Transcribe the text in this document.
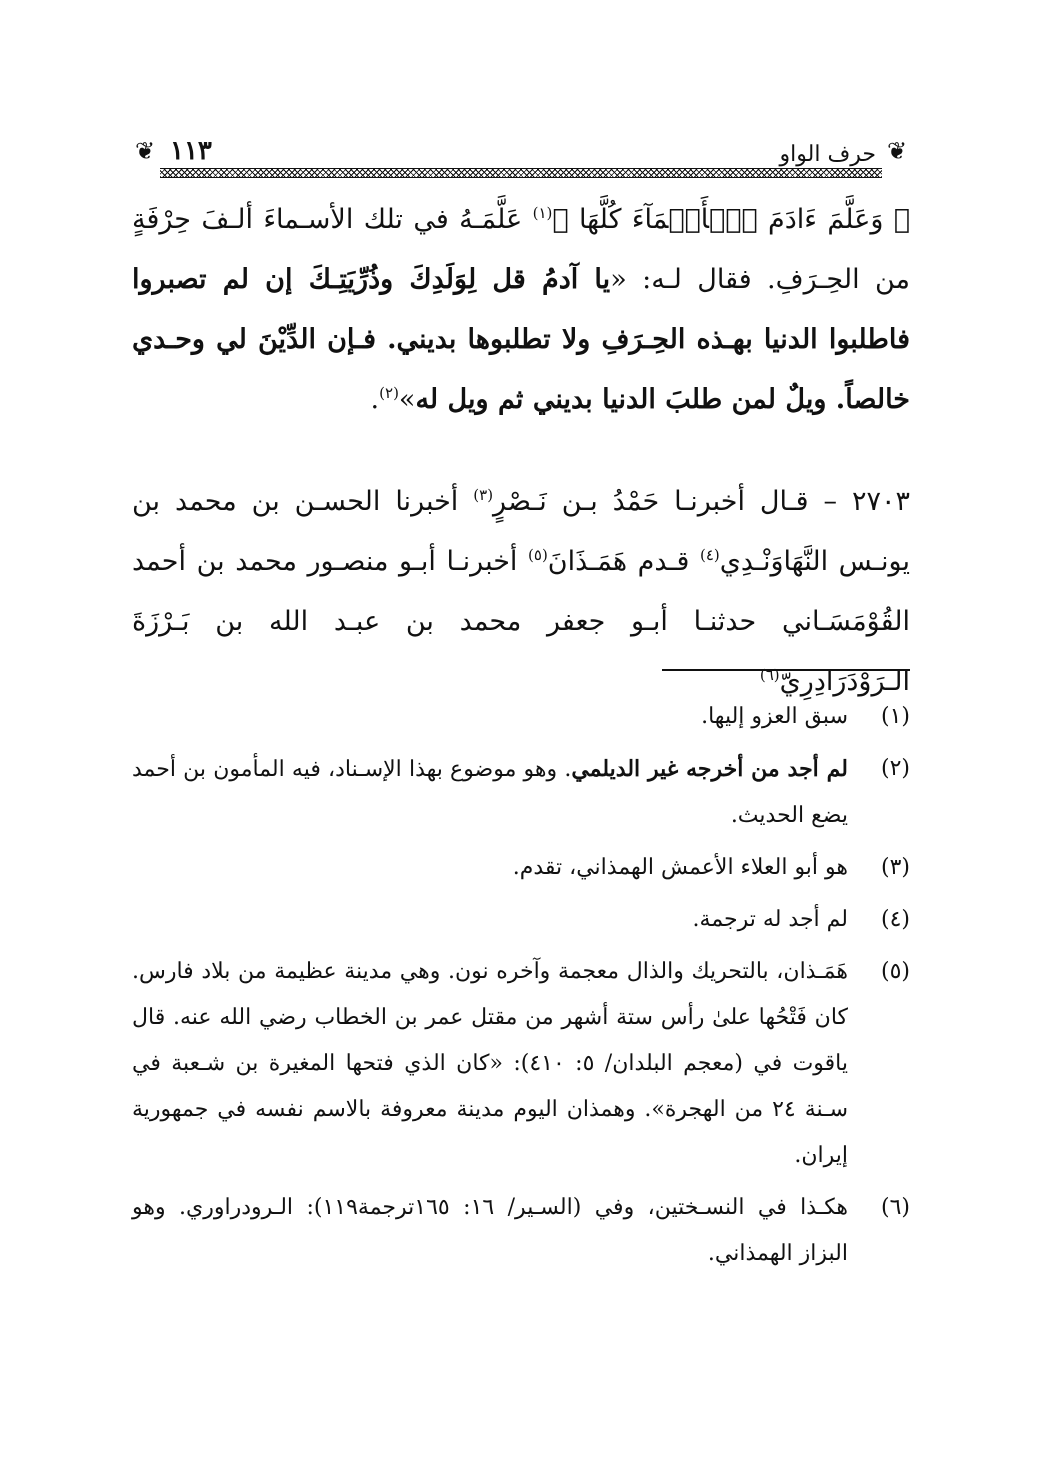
❦
حرف الواو
١١٣
❦

﴿ وَعَلَّمَ ءَادَمَ ٱلۡأَسۡمَآءَ كُلَّهَا ﴾$^{(١)}$ عَلَّمَـهُ في تلك الأسـماءَ ألـفَ حِرْفَةٍ من الحِـرَفِ. فقال لـه: «يا آدمُ قل لِوَلَدِكَ وذُرِّيَتِـكَ إن لم تصبروا فاطلبوا الدنيا بهـذه الحِـرَفِ ولا تطلبوها بديني. فـإن الدِّيْنَ لي وحـدي خالصاً. ويلٌ لمن طلبَ الدنيا بديني ثم ويل له»$^{(٢)}$.

٢٧٠٣ – قـال أخبرنـا حَمْدُ بـن نَـصْرٍ$^{(٣)}$ أخبرنا الحسـن بن محمد بن يونـس النَّهَاوَنْـدِي$^{(٤)}$ قـدم هَمَـذَانَ$^{(٥)}$ أخبرنـا أبـو منصـور محمد بن أحمد القُوْمَسَـاني حدثنـا أبـو جعفر محمد بن عبـد الله بن بَـرْزَةَ الـرَوْدَرَادِرِيّ$^{(٦)}$

(١)
سبق العزو إليها.
(٢)
لم أجد من أخرجه غير الديلمي. وهو موضوع بهذا الإسـناد، فيه المأمون بن أحمد يضع الحديث.
(٣)
هو أبو العلاء الأعمش الهمذاني، تقدم.
(٤)
لم أجد له ترجمة.
(٥)
هَمَـذان، بالتحريك والذال معجمة وآخره نون. وهي مدينة عظيمة من بلاد فارس. كان فَتْحُها علىٰ رأس ستة أشهر من مقتل عمر بن الخطاب رضي الله عنه. قال ياقوت في (معجم البلدان/ ٥: ٤١٠): «كان الذي فتحها المغيرة بن شـعبة في سـنة ٢٤ من الهجرة». وهمذان اليوم مدينة معروفة بالاسم نفسه في جمهورية إيران.
(٦)
هكـذا في النسـختين، وفي (السـير/ ١٦: ١٦٥ترجمة١١٩): الـرودراوري. وهو البزاز الهمذاني.
